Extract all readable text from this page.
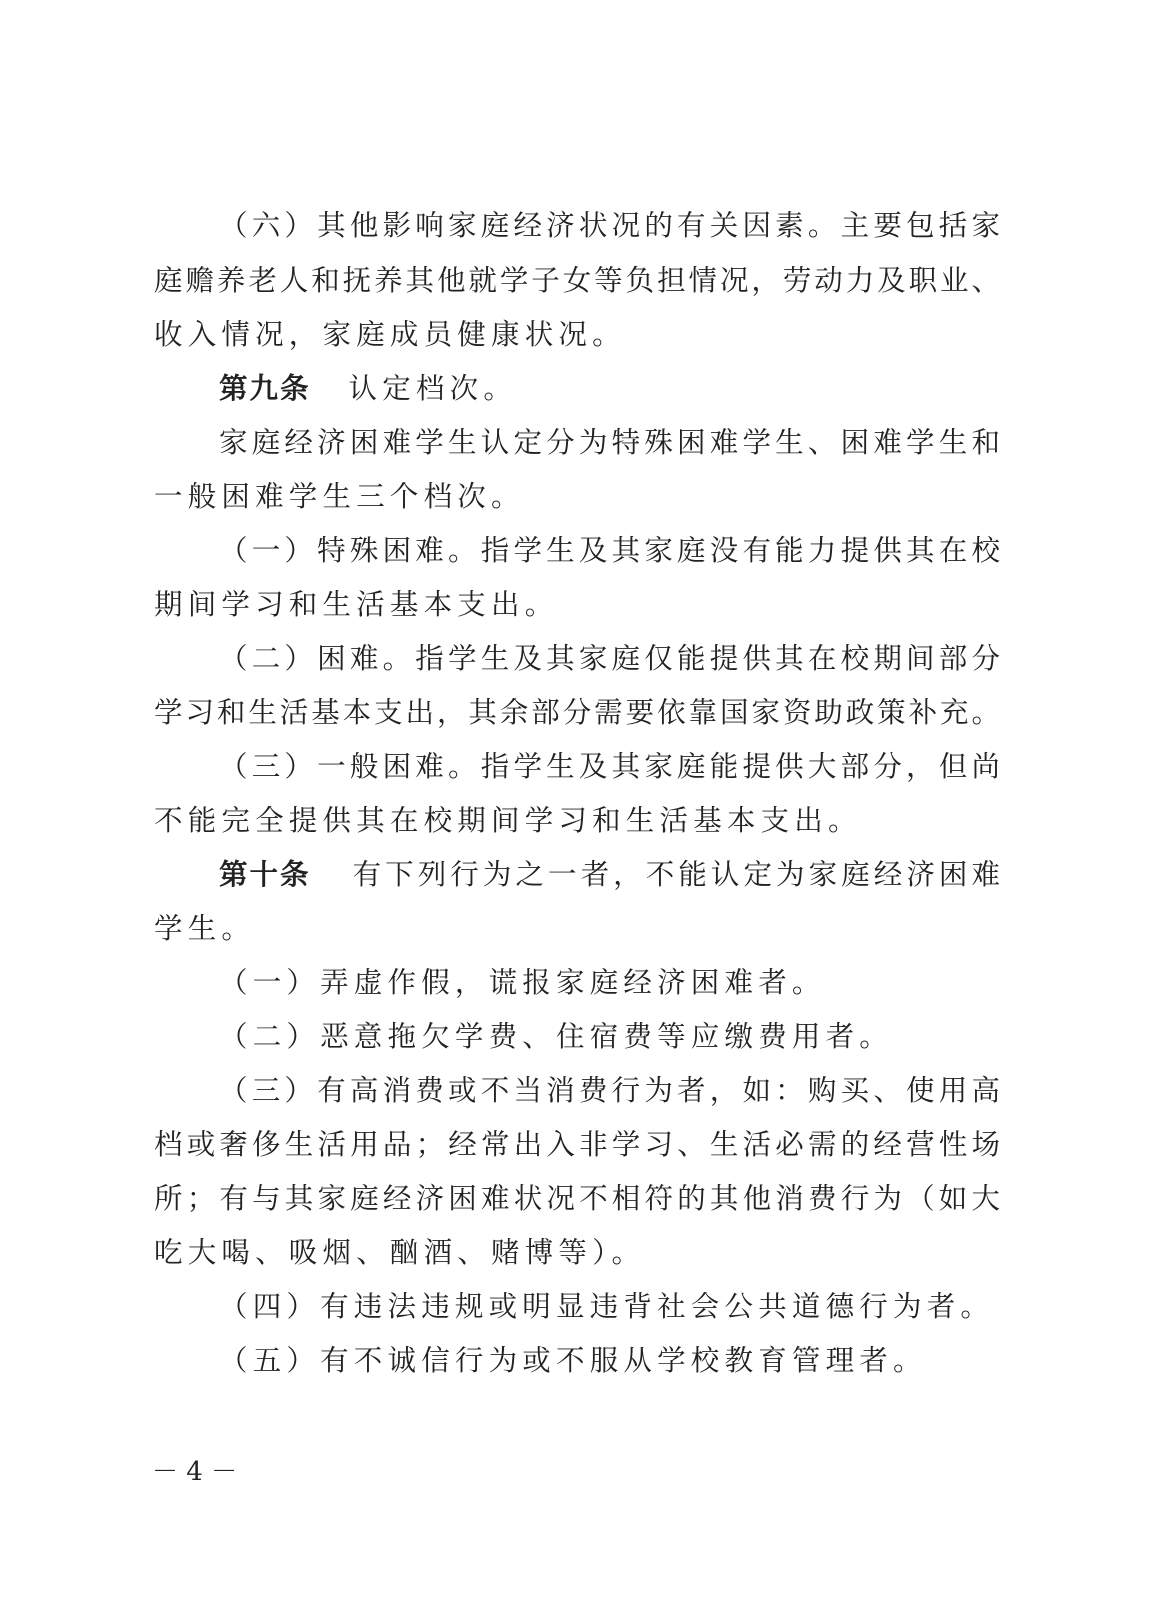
（六）其他影响家庭经济状况的有关因素。主要包括家
庭赡养老人和抚养其他就学子女等负担情况，劳动力及职业、
收入情况，家庭成员健康状况。
第九条 认定档次。
家庭经济困难学生认定分为特殊困难学生、困难学生和
一般困难学生三个档次。
（一）特殊困难。指学生及其家庭没有能力提供其在校
期间学习和生活基本支出。
（二）困难。指学生及其家庭仅能提供其在校期间部分
学习和生活基本支出，其余部分需要依靠国家资助政策补充。
（三）一般困难。指学生及其家庭能提供大部分，但尚
不能完全提供其在校期间学习和生活基本支出。
第十条 有下列行为之一者，不能认定为家庭经济困难
学生。
（一）弄虚作假，谎报家庭经济困难者。
（二）恶意拖欠学费、住宿费等应缴费用者。
（三）有高消费或不当消费行为者，如：购买、使用高
档或奢侈生活用品；经常出入非学习、生活必需的经营性场
所；有与其家庭经济困难状况不相符的其他消费行为（如大
吃大喝、吸烟、酗酒、赌博等）。
（四）有违法违规或明显违背社会公共道德行为者。
（五）有不诚信行为或不服从学校教育管理者。
－ 4 －
